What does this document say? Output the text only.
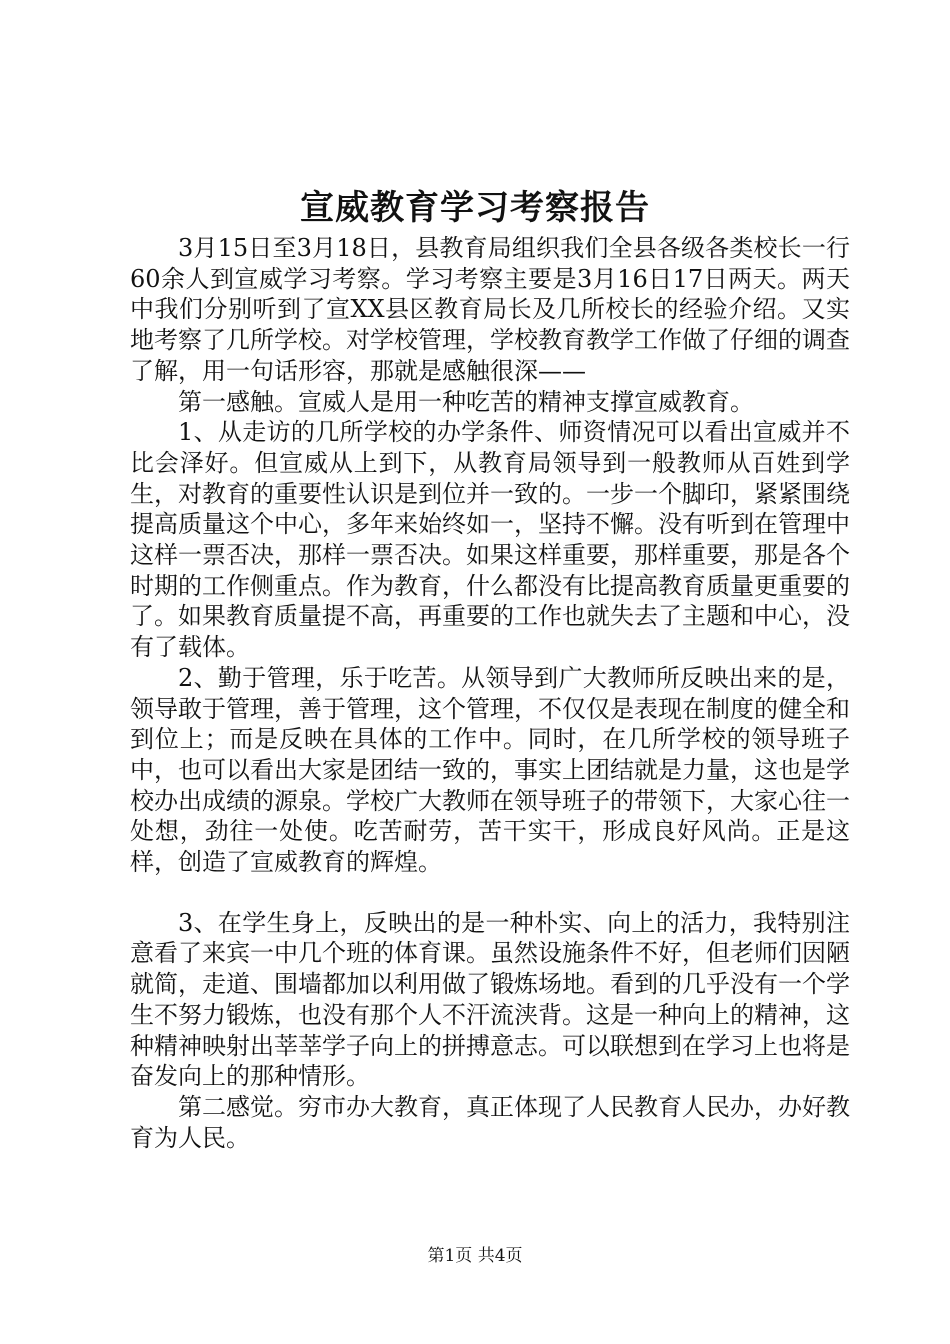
宣威教育学习考察报告

3月15日至3月18日，县教育局组织我们全县各级各类校长一行60余人到宣威学习考察。学习考察主要是3月16日17日两天。两天中我们分别听到了宣XX县区教育局长及几所校长的经验介绍。又实地考察了几所学校。对学校管理，学校教育教学工作做了仔细的调查了解，用一句话形容，那就是感触很深——

第一感触。宣威人是用一种吃苦的精神支撑宣威教育。

1、从走访的几所学校的办学条件、师资情况可以看出宣威并不比会泽好。但宣威从上到下，从教育局领导到一般教师从百姓到学生，对教育的重要性认识是到位并一致的。一步一个脚印，紧紧围绕提高质量这个中心，多年来始终如一，坚持不懈。没有听到在管理中这样一票否决，那样一票否决。如果这样重要，那样重要，那是各个时期的工作侧重点。作为教育，什么都没有比提高教育质量更重要的了。如果教育质量提不高，再重要的工作也就失去了主题和中心，没有了载体。

2、勤于管理，乐于吃苦。从领导到广大教师所反映出来的是，领导敢于管理，善于管理，这个管理，不仅仅是表现在制度的健全和到位上；而是反映在具体的工作中。同时，在几所学校的领导班子中，也可以看出大家是团结一致的，事实上团结就是力量，这也是学校办出成绩的源泉。学校广大教师在领导班子的带领下，大家心往一处想，劲往一处使。吃苦耐劳，苦干实干，形成良好风尚。正是这样，创造了宣威教育的辉煌。

3、在学生身上，反映出的是一种朴实、向上的活力，我特别注意看了来宾一中几个班的体育课。虽然设施条件不好，但老师们因陋就简，走道、围墙都加以利用做了锻炼场地。看到的几乎没有一个学生不努力锻炼，也没有那个人不汗流浃背。这是一种向上的精神，这种精神映射出莘莘学子向上的拼搏意志。可以联想到在学习上也将是奋发向上的那种情形。

第二感觉。穷市办大教育，真正体现了人民教育人民办，办好教育为人民。

第1页 共4页
